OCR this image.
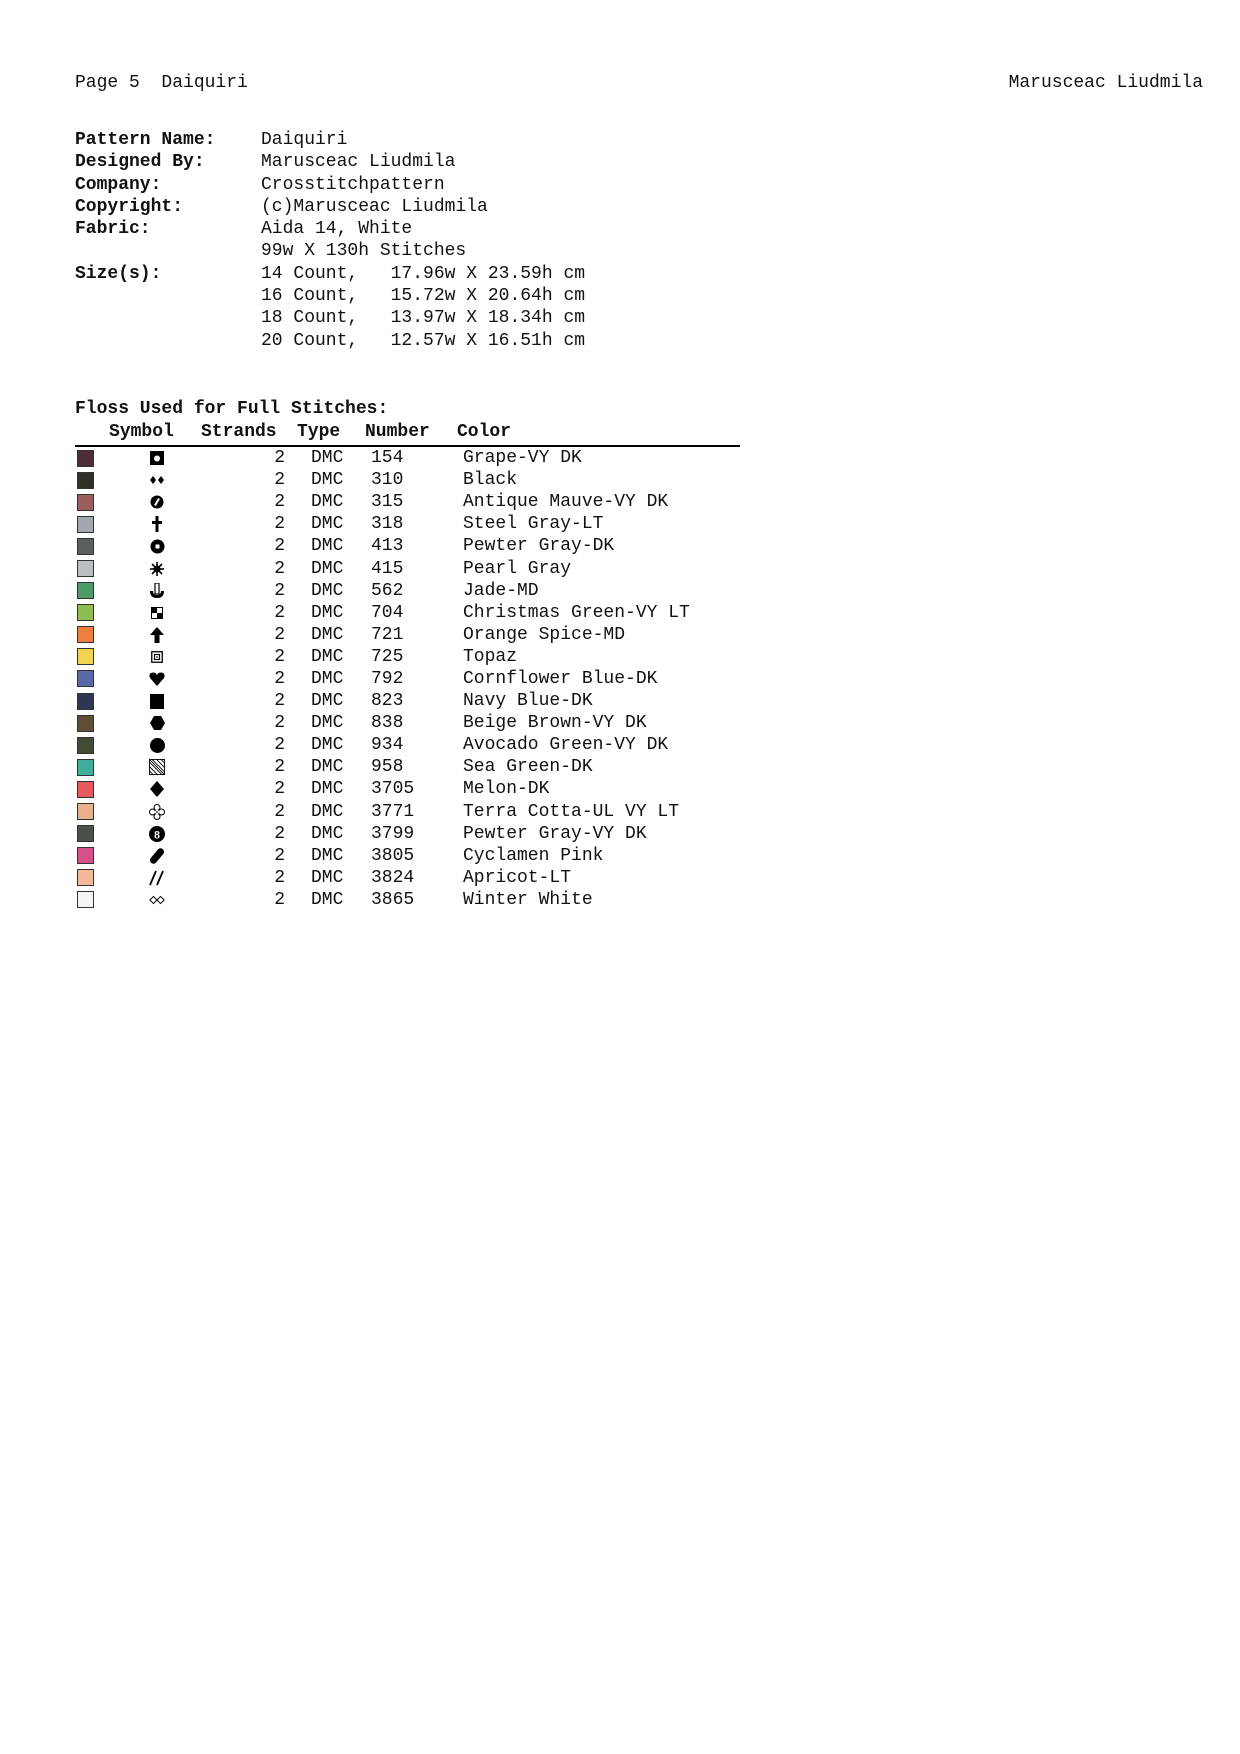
Page 5 Daiquiri	Marusceac Liudmila
Pattern Name:	Daiquiri
Designed By:	Marusceac Liudmila
Company:	Crosstitchpattern
Copyright:	(c)Marusceac Liudmila
Fabric:	Aida 14, White
99w X 130h Stitches
Size(s):	14 Count,   17.96w X 23.59h cm
16 Count,   15.72w X 20.64h cm
18 Count,   13.97w X 18.34h cm
20 Count,   12.57w X 16.51h cm
Floss Used for Full Stitches:
Symbol	Strands	Type	Number	Color
2	DMC	154	Grape-VY DK
2	DMC	310	Black
2	DMC	315	Antique Mauve-VY DK
2	DMC	318	Steel Gray-LT
2	DMC	413	Pewter Gray-DK
2	DMC	415	Pearl Gray
2	DMC	562	Jade-MD
2	DMC	704	Christmas Green-VY LT
2	DMC	721	Orange Spice-MD
2	DMC	725	Topaz
2	DMC	792	Cornflower Blue-DK
2	DMC	823	Navy Blue-DK
2	DMC	838	Beige Brown-VY DK
2	DMC	934	Avocado Green-VY DK
2	DMC	958	Sea Green-DK
2	DMC	3705	Melon-DK
2	DMC	3771	Terra Cotta-UL VY LT
8	2	DMC	3799	Pewter Gray-VY DK
2	DMC	3805	Cyclamen Pink
2	DMC	3824	Apricot-LT
2	DMC	3865	Winter White
